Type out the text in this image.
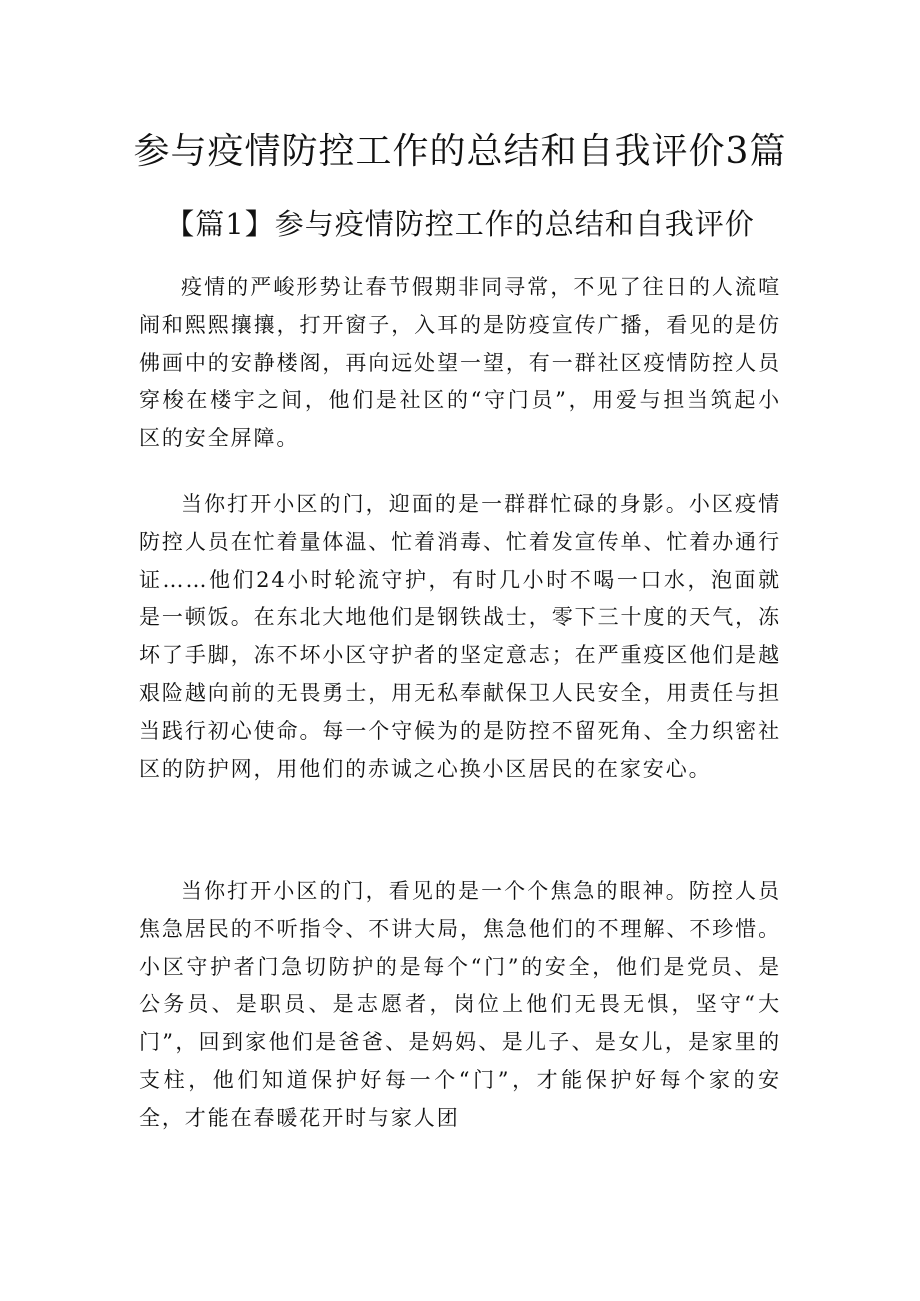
参与疫情防控工作的总结和自我评价3篇
【篇1】参与疫情防控工作的总结和自我评价

疫情的严峻形势让春节假期非同寻常，不见了往日的人流喧闹和熙熙攘攘，打开窗子，入耳的是防疫宣传广播，看见的是仿佛画中的安静楼阁，再向远处望一望，有一群社区疫情防控人员穿梭在楼宇之间，他们是社区的“守门员”，用爱与担当筑起小区的安全屏障。

当你打开小区的门，迎面的是一群群忙碌的身影。小区疫情防控人员在忙着量体温、忙着消毒、忙着发宣传单、忙着办通行证……他们24小时轮流守护，有时几小时不喝一口水，泡面就是一顿饭。在东北大地他们是钢铁战士，零下三十度的天气，冻坏了手脚，冻不坏小区守护者的坚定意志；在严重疫区他们是越艰险越向前的无畏勇士，用无私奉献保卫人民安全，用责任与担当践行初心使命。每一个守候为的是防控不留死角、全力织密社区的防护网，用他们的赤诚之心换小区居民的在家安心。

当你打开小区的门，看见的是一个个焦急的眼神。防控人员焦急居民的不听指令、不讲大局，焦急他们的不理解、不珍惜。小区守护者门急切防护的是每个“门”的安全，他们是党员、是公务员、是职员、是志愿者，岗位上他们无畏无惧，坚守“大门”，回到家他们是爸爸、是妈妈、是儿子、是女儿，是家里的支柱，他们知道保护好每一个“门”，才能保护好每个家的安全，才能在春暖花开时与家人团
